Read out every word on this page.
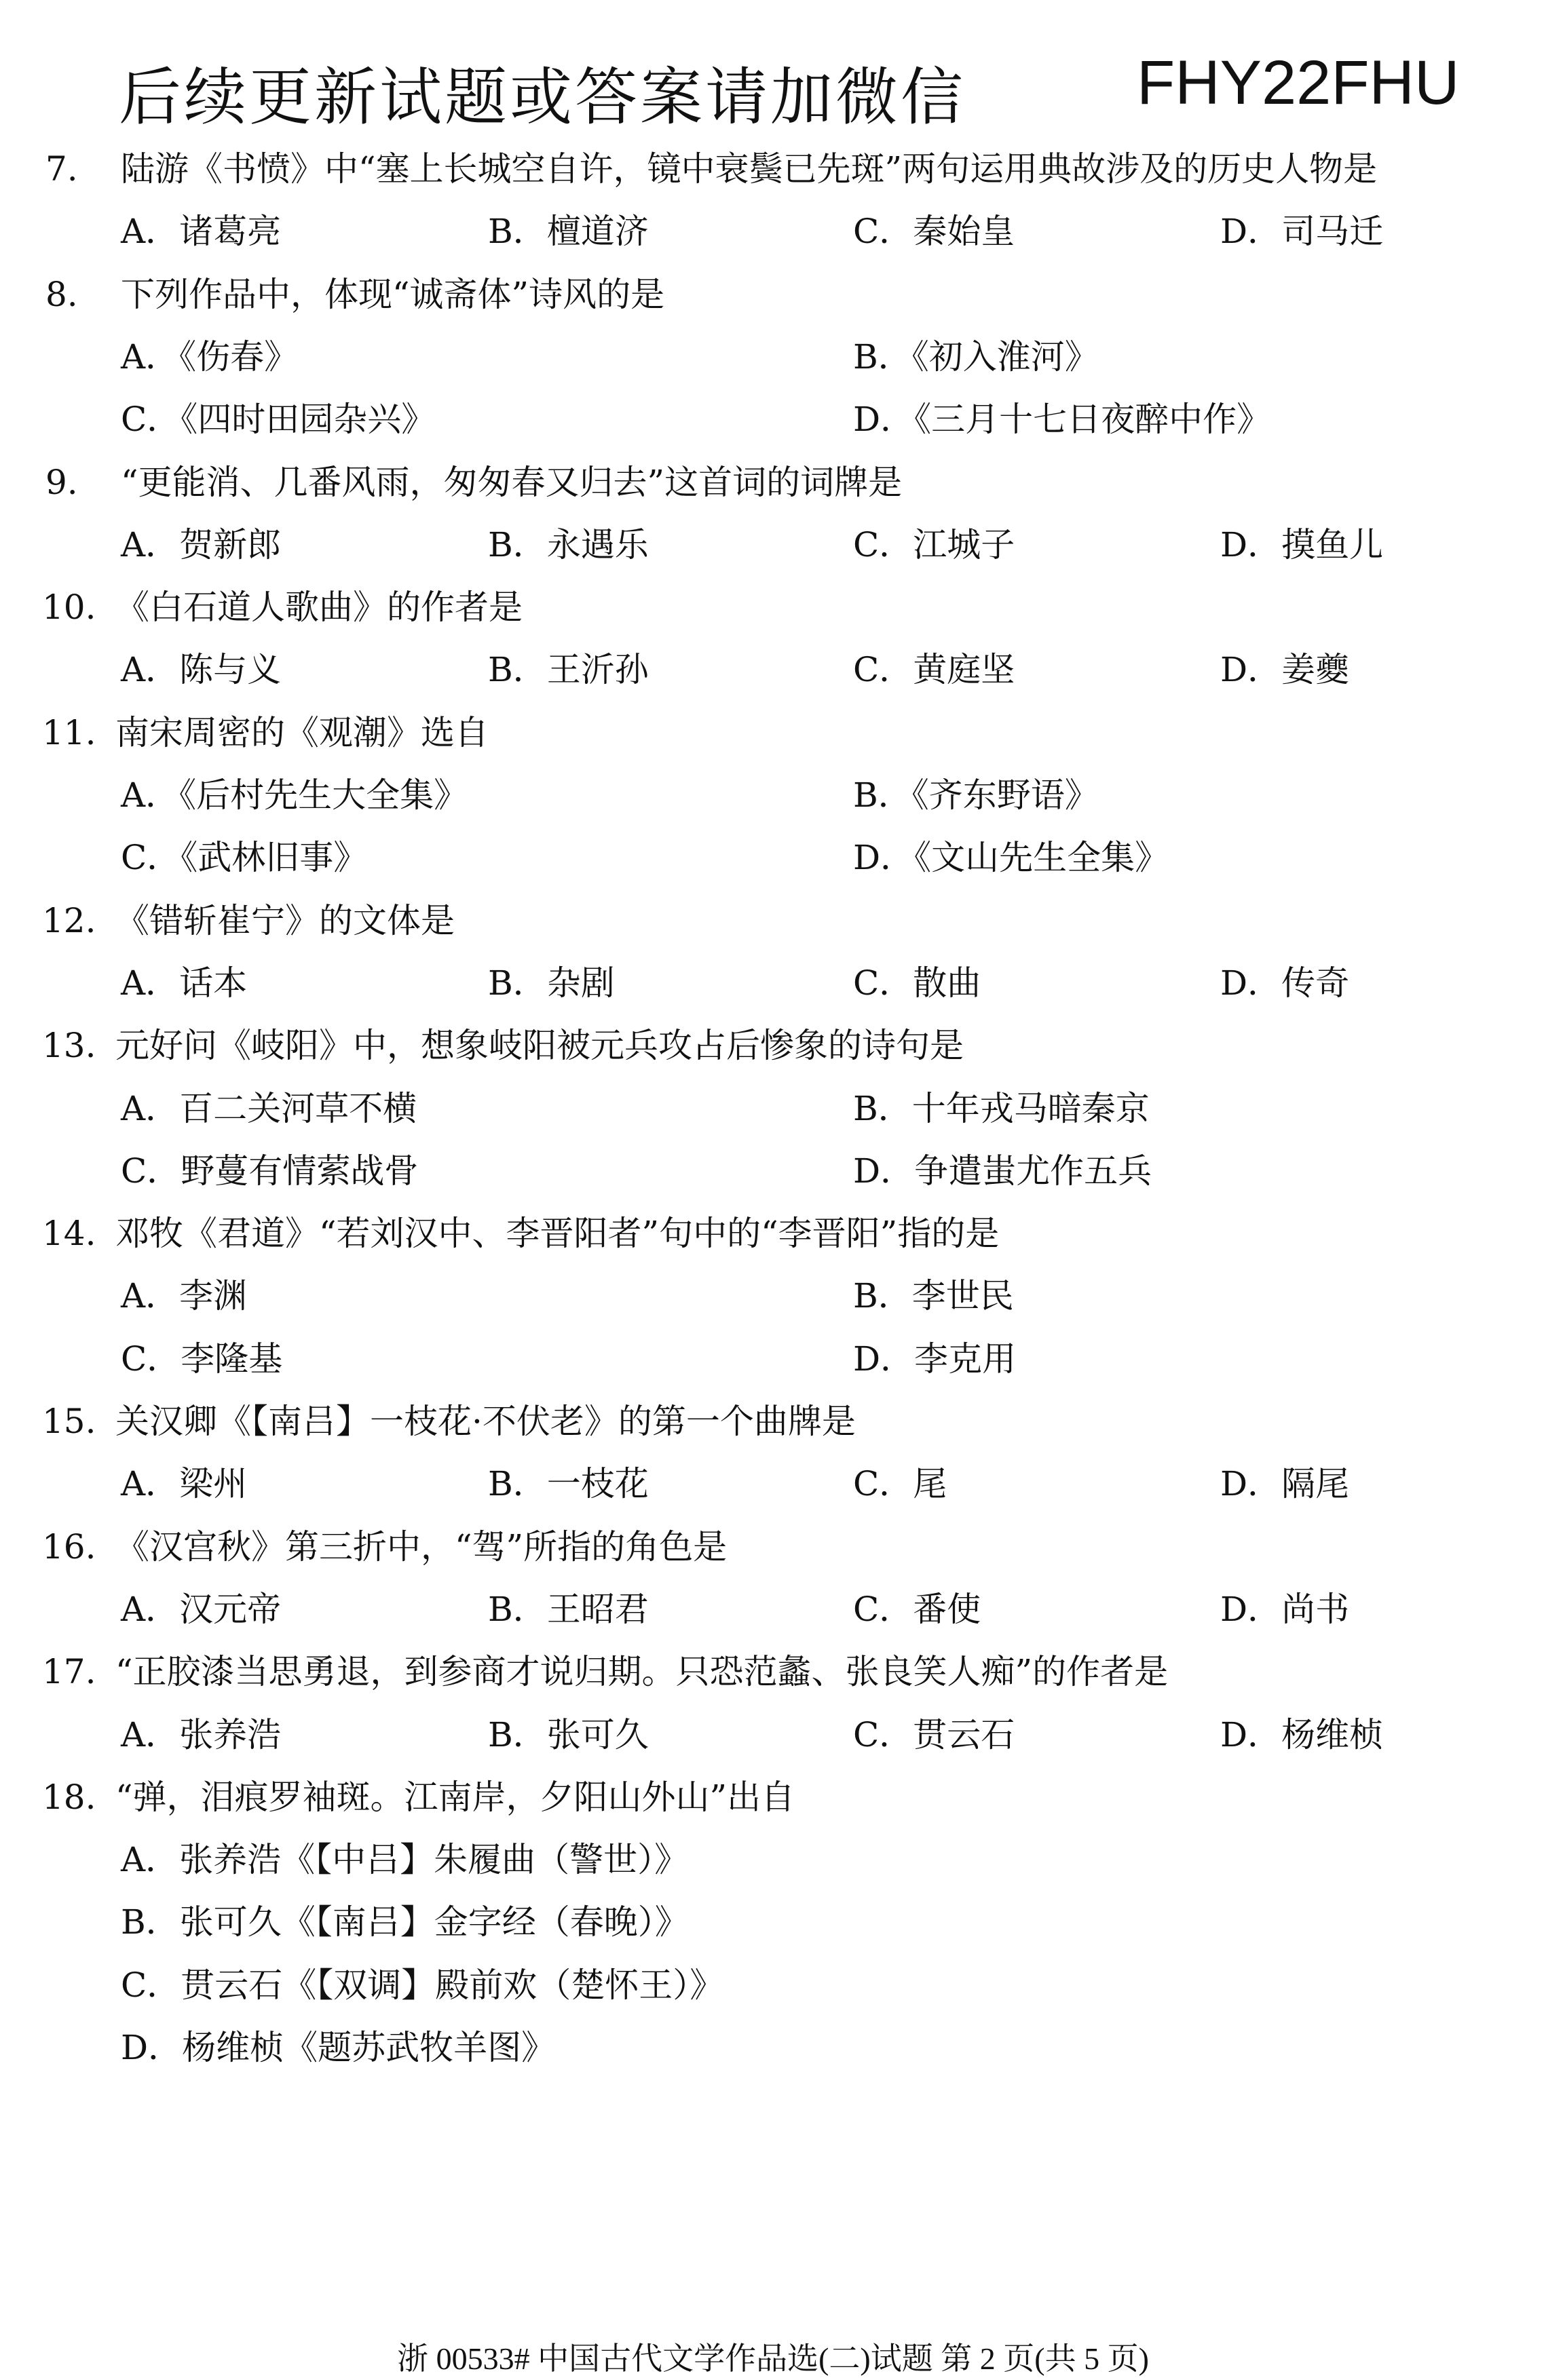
后续更新试题或答案请加微信	FHY22FHU
7. 陆游《书愤》中“塞上长城空自许，镜中衰鬓已先斑”两句运用典故涉及的历史人物是
A．诸葛亮	B．檀道济	C．秦始皇	D．司马迁
8. 下列作品中，体现“诚斋体”诗风的是
A．《伤春》	B．《初入淮河》
C．《四时田园杂兴》	D．《三月十七日夜醉中作》
9. “更能消、几番风雨，匆匆春又归去”这首词的词牌是
A．贺新郎	B．永遇乐	C．江城子	D．摸鱼儿
10. 《白石道人歌曲》的作者是
A．陈与义	B．王沂孙	C．黄庭坚	D．姜夔
11. 南宋周密的《观潮》选自
A．《后村先生大全集》	B．《齐东野语》
C．《武林旧事》	D．《文山先生全集》
12. 《错斩崔宁》的文体是
A．话本	B．杂剧	C．散曲	D．传奇
13. 元好问《岐阳》中，想象岐阳被元兵攻占后惨象的诗句是
A．百二关河草不横	B．十年戎马暗秦京
C．野蔓有情萦战骨	D．争遣蚩尤作五兵
14. 邓牧《君道》“若刘汉中、李晋阳者”句中的“李晋阳”指的是
A．李渊	B．李世民
C．李隆基	D．李克用
15. 关汉卿《【南吕】一枝花·不伏老》的第一个曲牌是
A．梁州	B．一枝花	C．尾	D．隔尾
16. 《汉宫秋》第三折中，“驾”所指的角色是
A．汉元帝	B．王昭君	C．番使	D．尚书
17. “正胶漆当思勇退，到参商才说归期。只恐范蠡、张良笑人痴”的作者是
A．张养浩	B．张可久	C．贯云石	D．杨维桢
18. “弹，泪痕罗袖斑。江南岸，夕阳山外山”出自
A．张养浩《【中吕】朱履曲（警世）》
B．张可久《【南吕】金字经（春晚）》
C．贯云石《【双调】殿前欢（楚怀王）》
D．杨维桢《题苏武牧羊图》
浙 00533# 中国古代文学作品选(二)试题 第 2 页(共 5 页)
